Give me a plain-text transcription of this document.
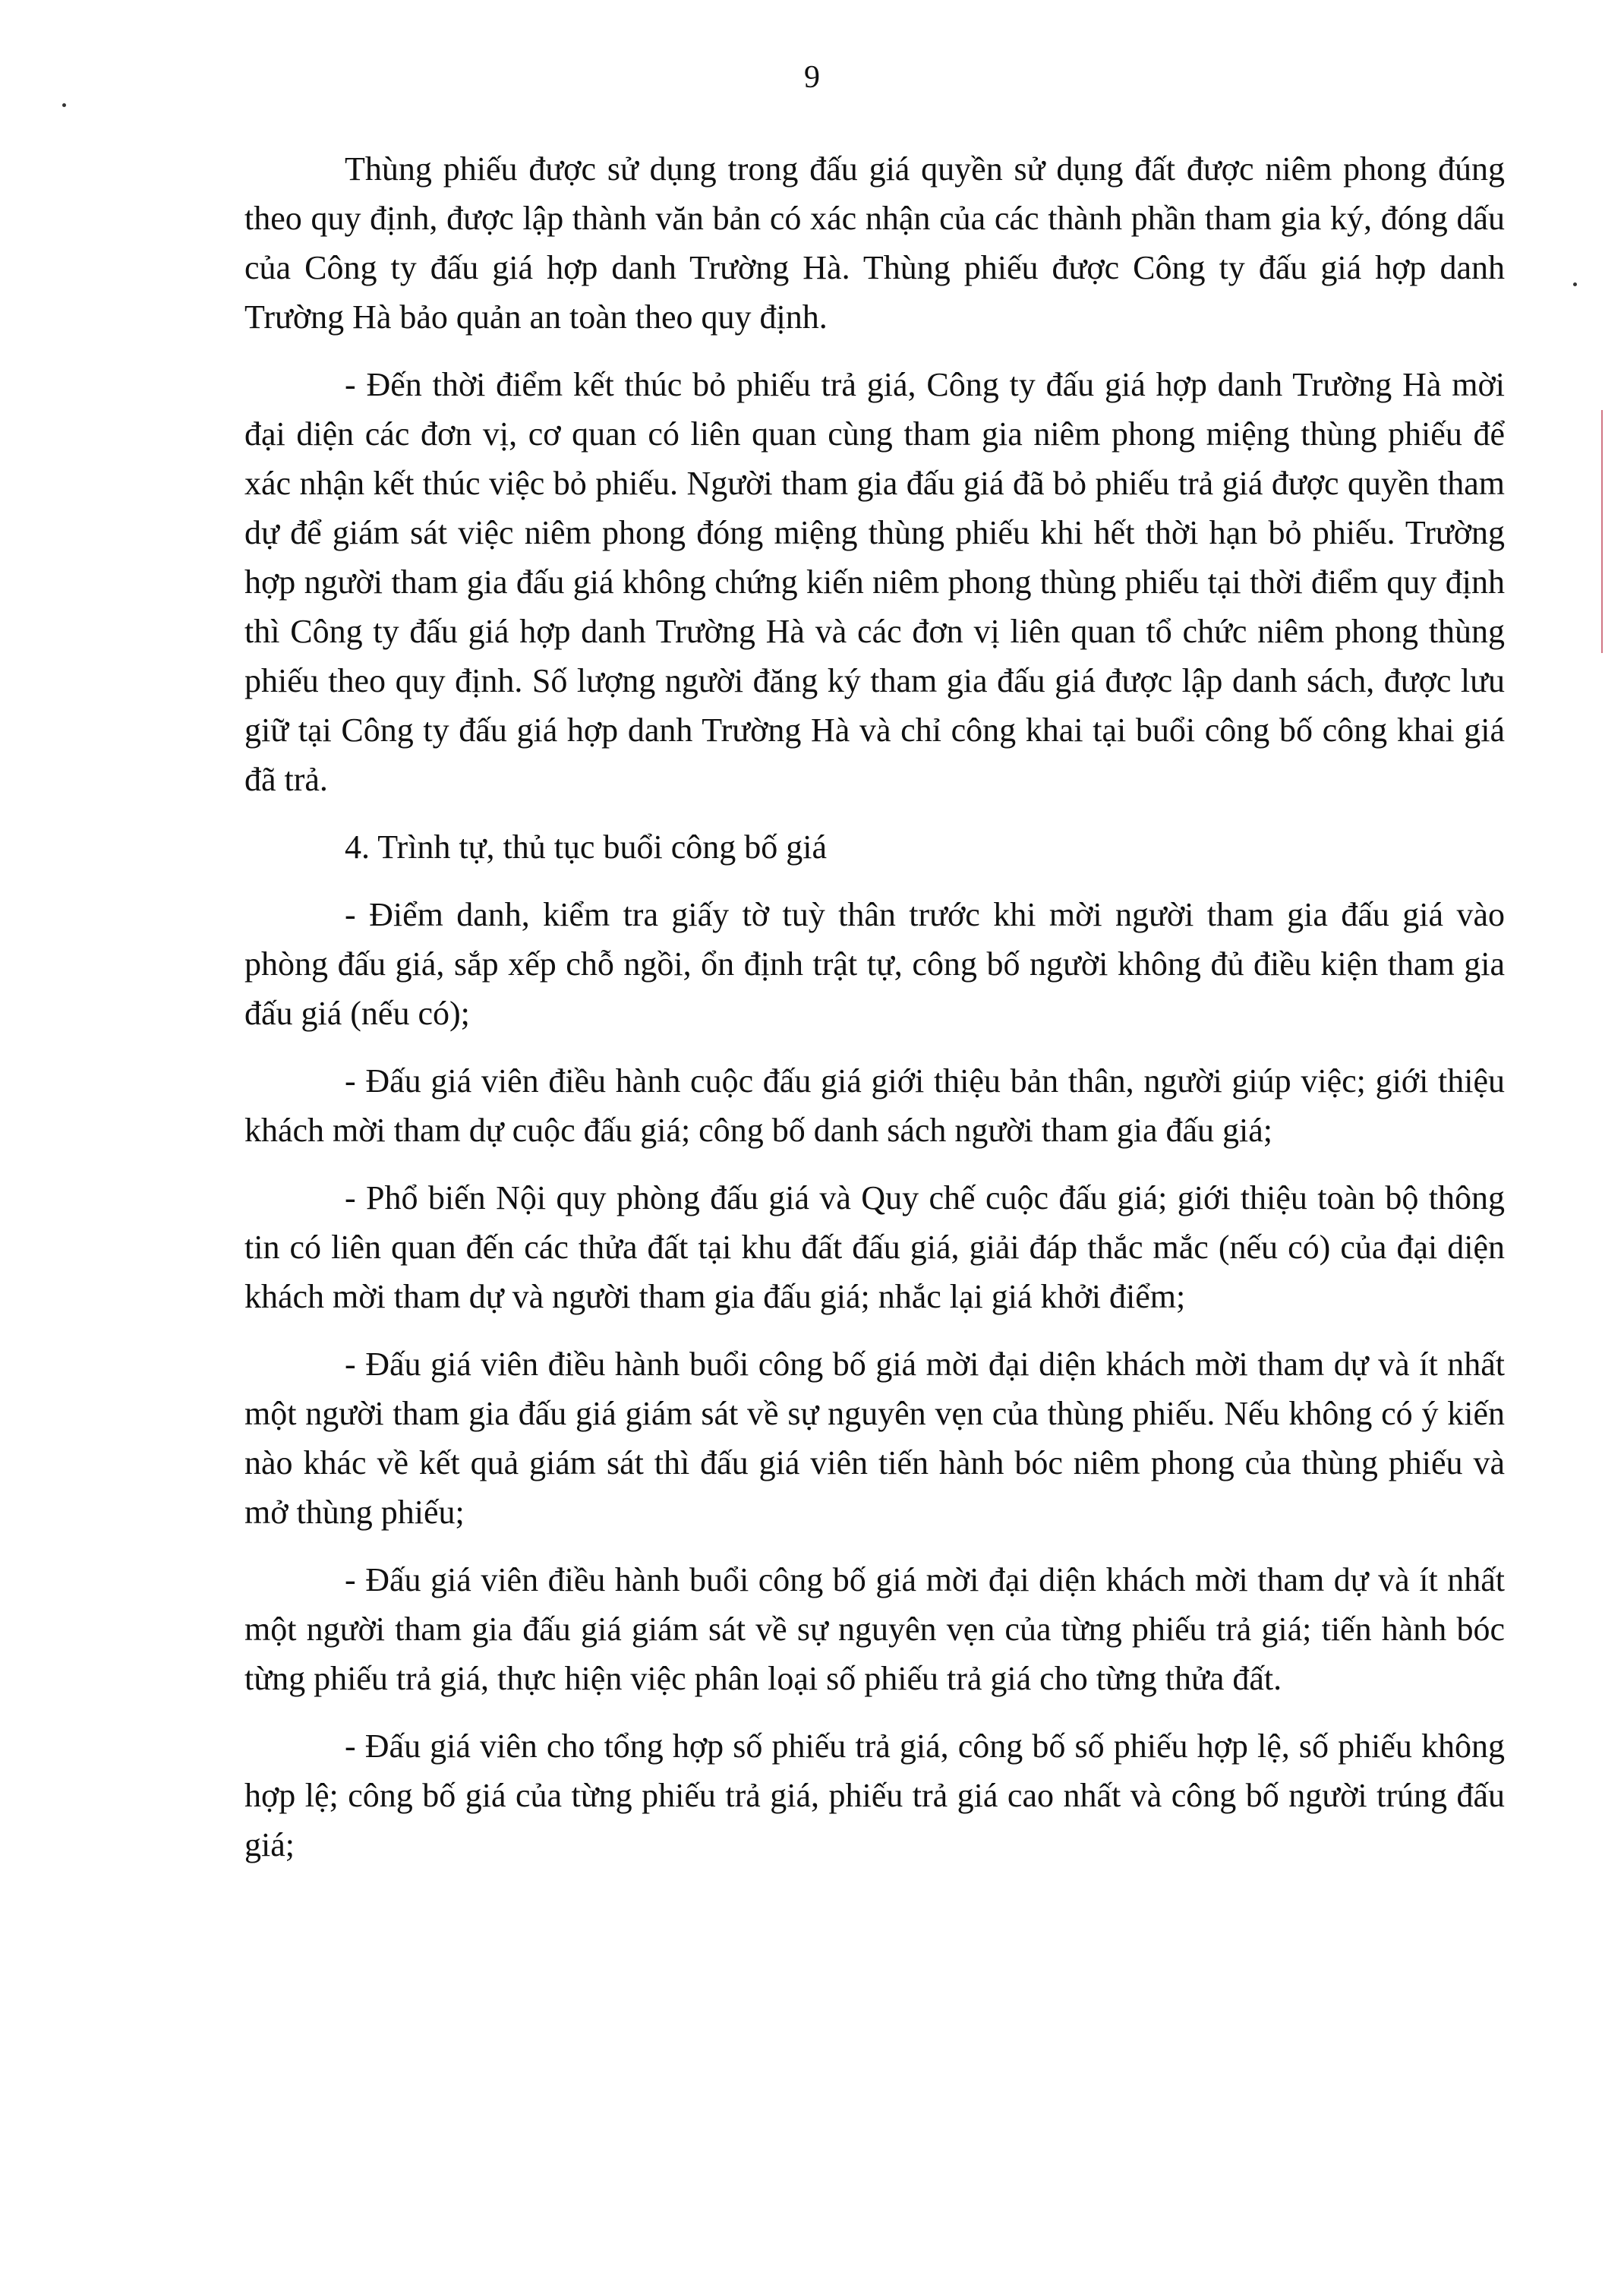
9

Thùng phiếu được sử dụng trong đấu giá quyền sử dụng đất được niêm phong đúng theo quy định, được lập thành văn bản có xác nhận của các thành phần tham gia ký, đóng dấu của Công ty đấu giá hợp danh Trường Hà. Thùng phiếu được Công ty đấu giá hợp danh Trường Hà bảo quản an toàn theo quy định.

- Đến thời điểm kết thúc bỏ phiếu trả giá, Công ty đấu giá hợp danh Trường Hà mời đại diện các đơn vị, cơ quan có liên quan cùng tham gia niêm phong miệng thùng phiếu để xác nhận kết thúc việc bỏ phiếu. Người tham gia đấu giá đã bỏ phiếu trả giá được quyền tham dự để giám sát việc niêm phong đóng miệng thùng phiếu khi hết thời hạn bỏ phiếu. Trường hợp người tham gia đấu giá không chứng kiến niêm phong thùng phiếu tại thời điểm quy định thì Công ty đấu giá hợp danh Trường Hà và các đơn vị liên quan tổ chức niêm phong thùng phiếu theo quy định. Số lượng người đăng ký tham gia đấu giá được lập danh sách, được lưu giữ tại Công ty đấu giá hợp danh Trường Hà và chỉ công khai tại buổi công bố công khai giá đã trả.

4. Trình tự, thủ tục buổi công bố giá

- Điểm danh, kiểm tra giấy tờ tuỳ thân trước khi mời người tham gia đấu giá vào phòng đấu giá, sắp xếp chỗ ngồi, ổn định trật tự, công bố người không đủ điều kiện tham gia đấu giá (nếu có);

- Đấu giá viên điều hành cuộc đấu giá giới thiệu bản thân, người giúp việc; giới thiệu khách mời tham dự cuộc đấu giá; công bố danh sách người tham gia đấu giá;

- Phổ biến Nội quy phòng đấu giá và Quy chế cuộc đấu giá; giới thiệu toàn bộ thông tin có liên quan đến các thửa đất tại khu đất đấu giá, giải đáp thắc mắc (nếu có) của đại diện khách mời tham dự và người tham gia đấu giá; nhắc lại giá khởi điểm;

- Đấu giá viên điều hành buổi công bố giá mời đại diện khách mời tham dự và ít nhất một người tham gia đấu giá giám sát về sự nguyên vẹn của thùng phiếu. Nếu không có ý kiến nào khác về kết quả giám sát thì đấu giá viên tiến hành bóc niêm phong của thùng phiếu và mở thùng phiếu;

- Đấu giá viên điều hành buổi công bố giá mời đại diện khách mời tham dự và ít nhất một người tham gia đấu giá giám sát về sự nguyên vẹn của từng phiếu trả giá; tiến hành bóc từng phiếu trả giá, thực hiện việc phân loại số phiếu trả giá cho từng thửa đất.

- Đấu giá viên cho tổng hợp số phiếu trả giá, công bố số phiếu hợp lệ, số phiếu không hợp lệ; công bố giá của từng phiếu trả giá, phiếu trả giá cao nhất và công bố người trúng đấu giá;
